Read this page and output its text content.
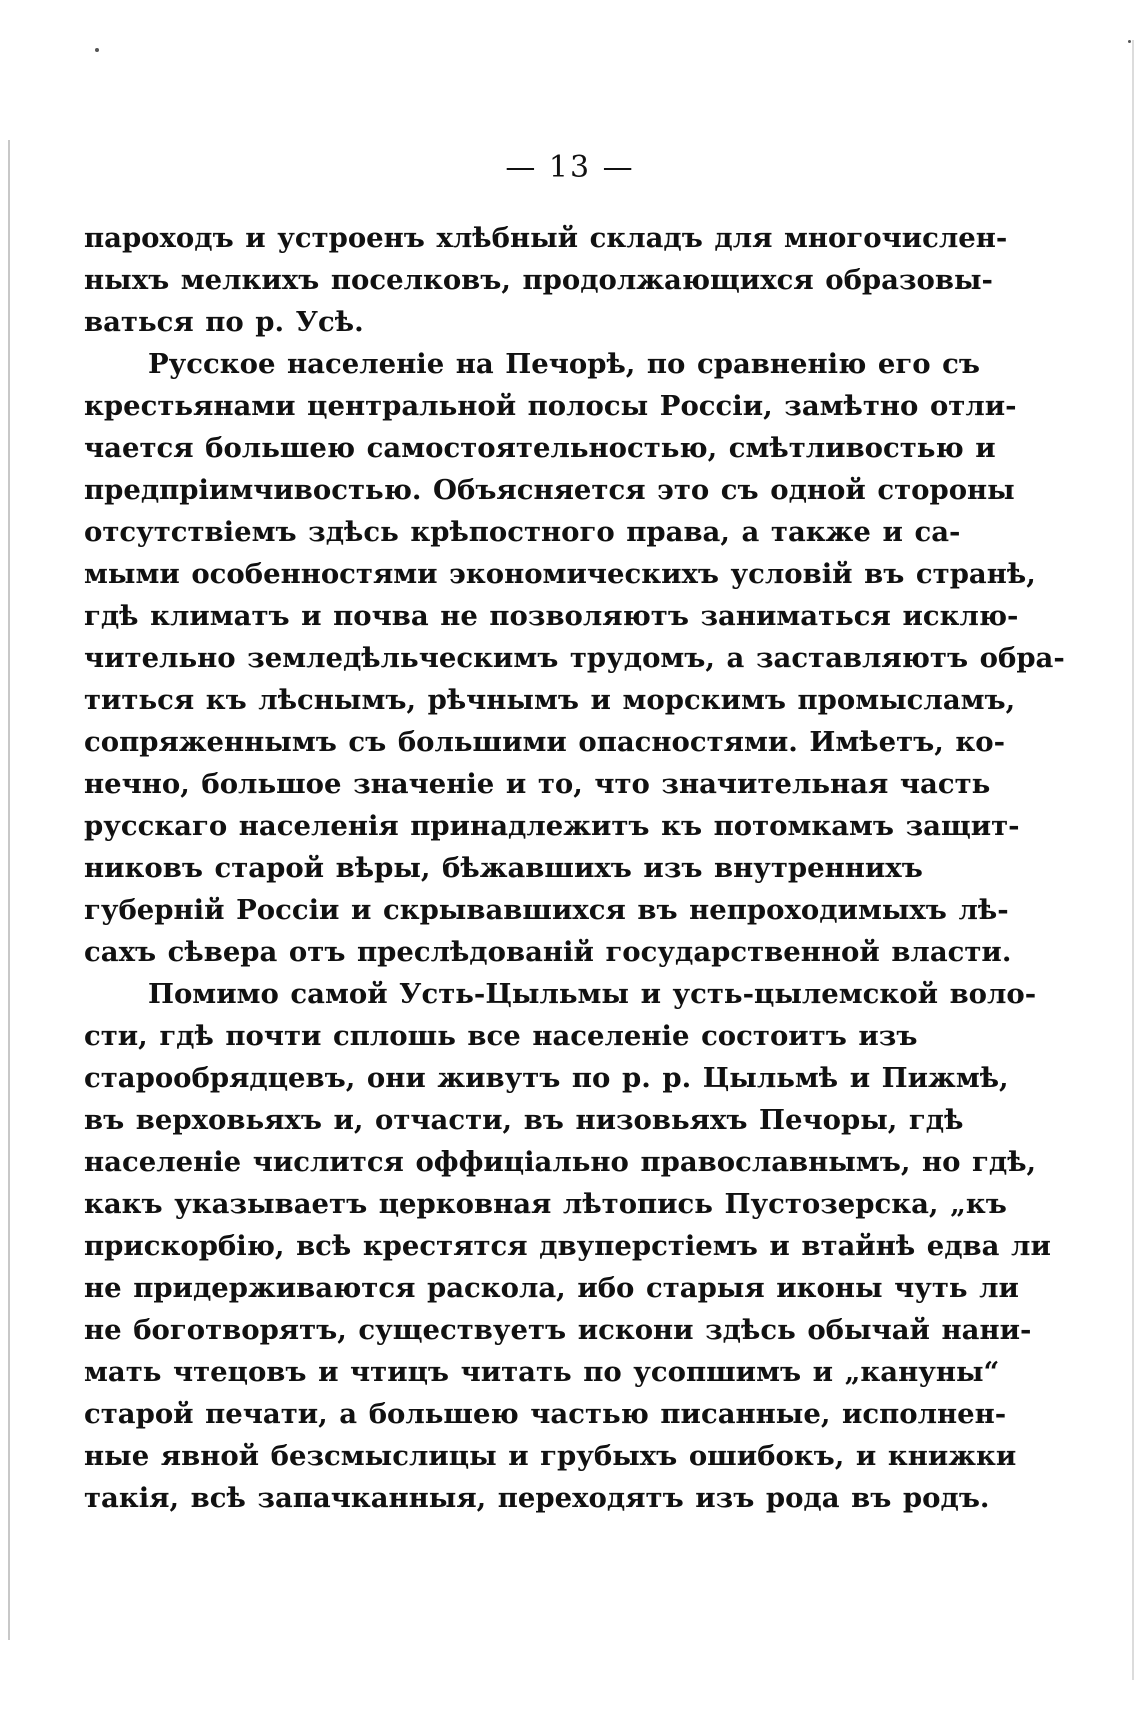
— 13 —
пароходъ и устроенъ хлѣбный складъ для многочислен-
ныхъ мелкихъ поселковъ, продолжающихся образовы-
ваться по р. Усѣ.
Русское населеніе на Печорѣ, по сравненію его съ
крестьянами центральной полосы Россіи, замѣтно отли-
чается большею самостоятельностью, смѣтливостью и
предпріимчивостью. Объясняется это съ одной стороны
отсутствіемъ здѣсь крѣпостного права, а также и са-
мыми особенностями экономическихъ условій въ странѣ,
гдѣ климатъ и почва не позволяютъ заниматься исклю-
чительно земледѣльческимъ трудомъ, а заставляютъ обра-
титься къ лѣснымъ, рѣчнымъ и морскимъ промысламъ,
сопряженнымъ съ большими опасностями. Имѣетъ, ко-
нечно, большое значеніе и то, что значительная часть
русскаго населенія принадлежитъ къ потомкамъ защит-
никовъ старой вѣры, бѣжавшихъ изъ внутреннихъ
губерній Россіи и скрывавшихся въ непроходимыхъ лѣ-
сахъ сѣвера отъ преслѣдованій государственной власти.
Помимо самой Усть-Цыльмы и усть-цылемской воло-
сти, гдѣ почти сплошь все населеніе состоитъ изъ
старообрядцевъ, они живутъ по р. р. Цыльмѣ и Пижмѣ,
въ верховьяхъ и, отчасти, въ низовьяхъ Печоры, гдѣ
населеніе числится оффиціально православнымъ, но гдѣ,
какъ указываетъ церковная лѣтопись Пустозерска, „къ
прискорбію, всѣ крестятся двуперстіемъ и втайнѣ едва ли
не придерживаются раскола, ибо старыя иконы чуть ли
не боготворятъ, существуетъ искони здѣсь обычай нани-
мать чтецовъ и чтицъ читать по усопшимъ и „кануны“
старой печати, а большею частью писанные, исполнен-
ные явной безсмыслицы и грубыхъ ошибокъ, и книжки
такія, всѣ запачканныя, переходятъ изъ рода въ родъ.
